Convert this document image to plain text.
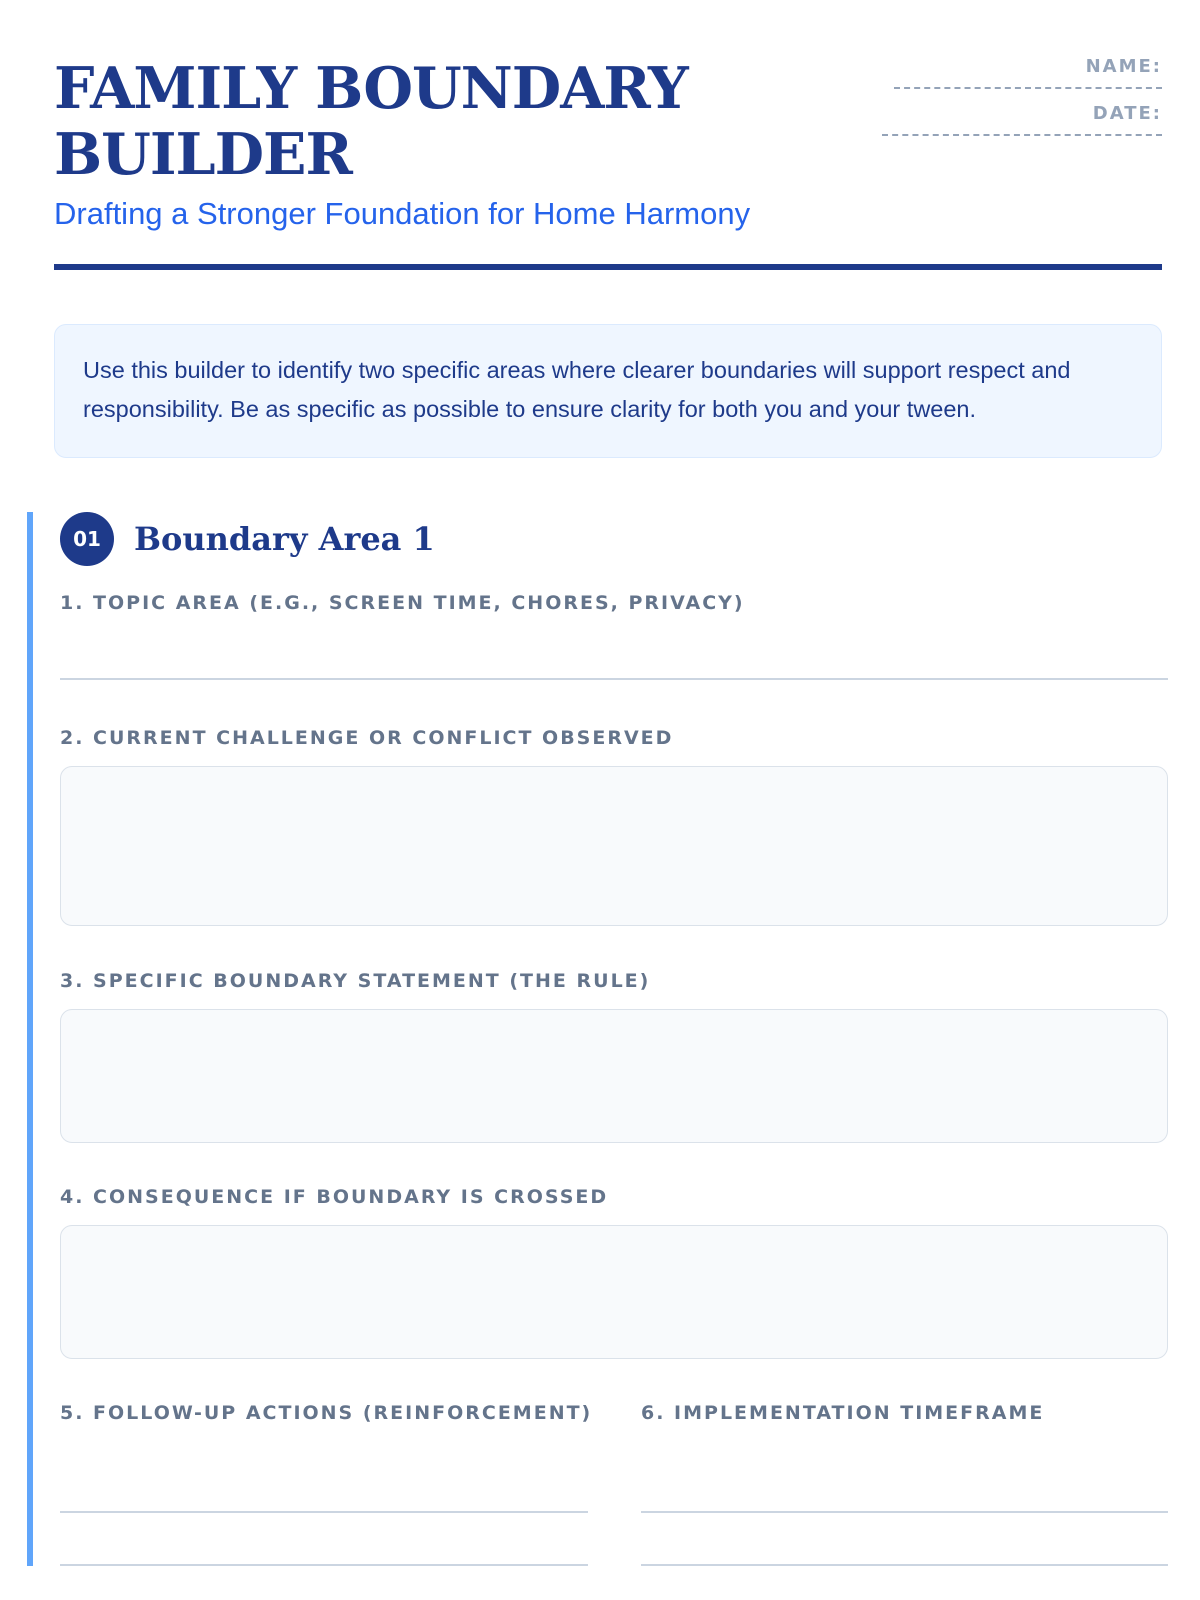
FAMILY BOUNDARY BUILDER
Drafting a Stronger Foundation for Home Harmony
NAME:
DATE:

Use this builder to identify two specific areas where clearer boundaries will support respect and responsibility. Be as specific as possible to ensure clarity for both you and your tween.

01	Boundary Area 1
1. TOPIC AREA (E.G., SCREEN TIME, CHORES, PRIVACY)
2. CURRENT CHALLENGE OR CONFLICT OBSERVED
3. SPECIFIC BOUNDARY STATEMENT (THE RULE)
4. CONSEQUENCE IF BOUNDARY IS CROSSED
5. FOLLOW-UP ACTIONS (REINFORCEMENT)	6. IMPLEMENTATION TIMEFRAME
